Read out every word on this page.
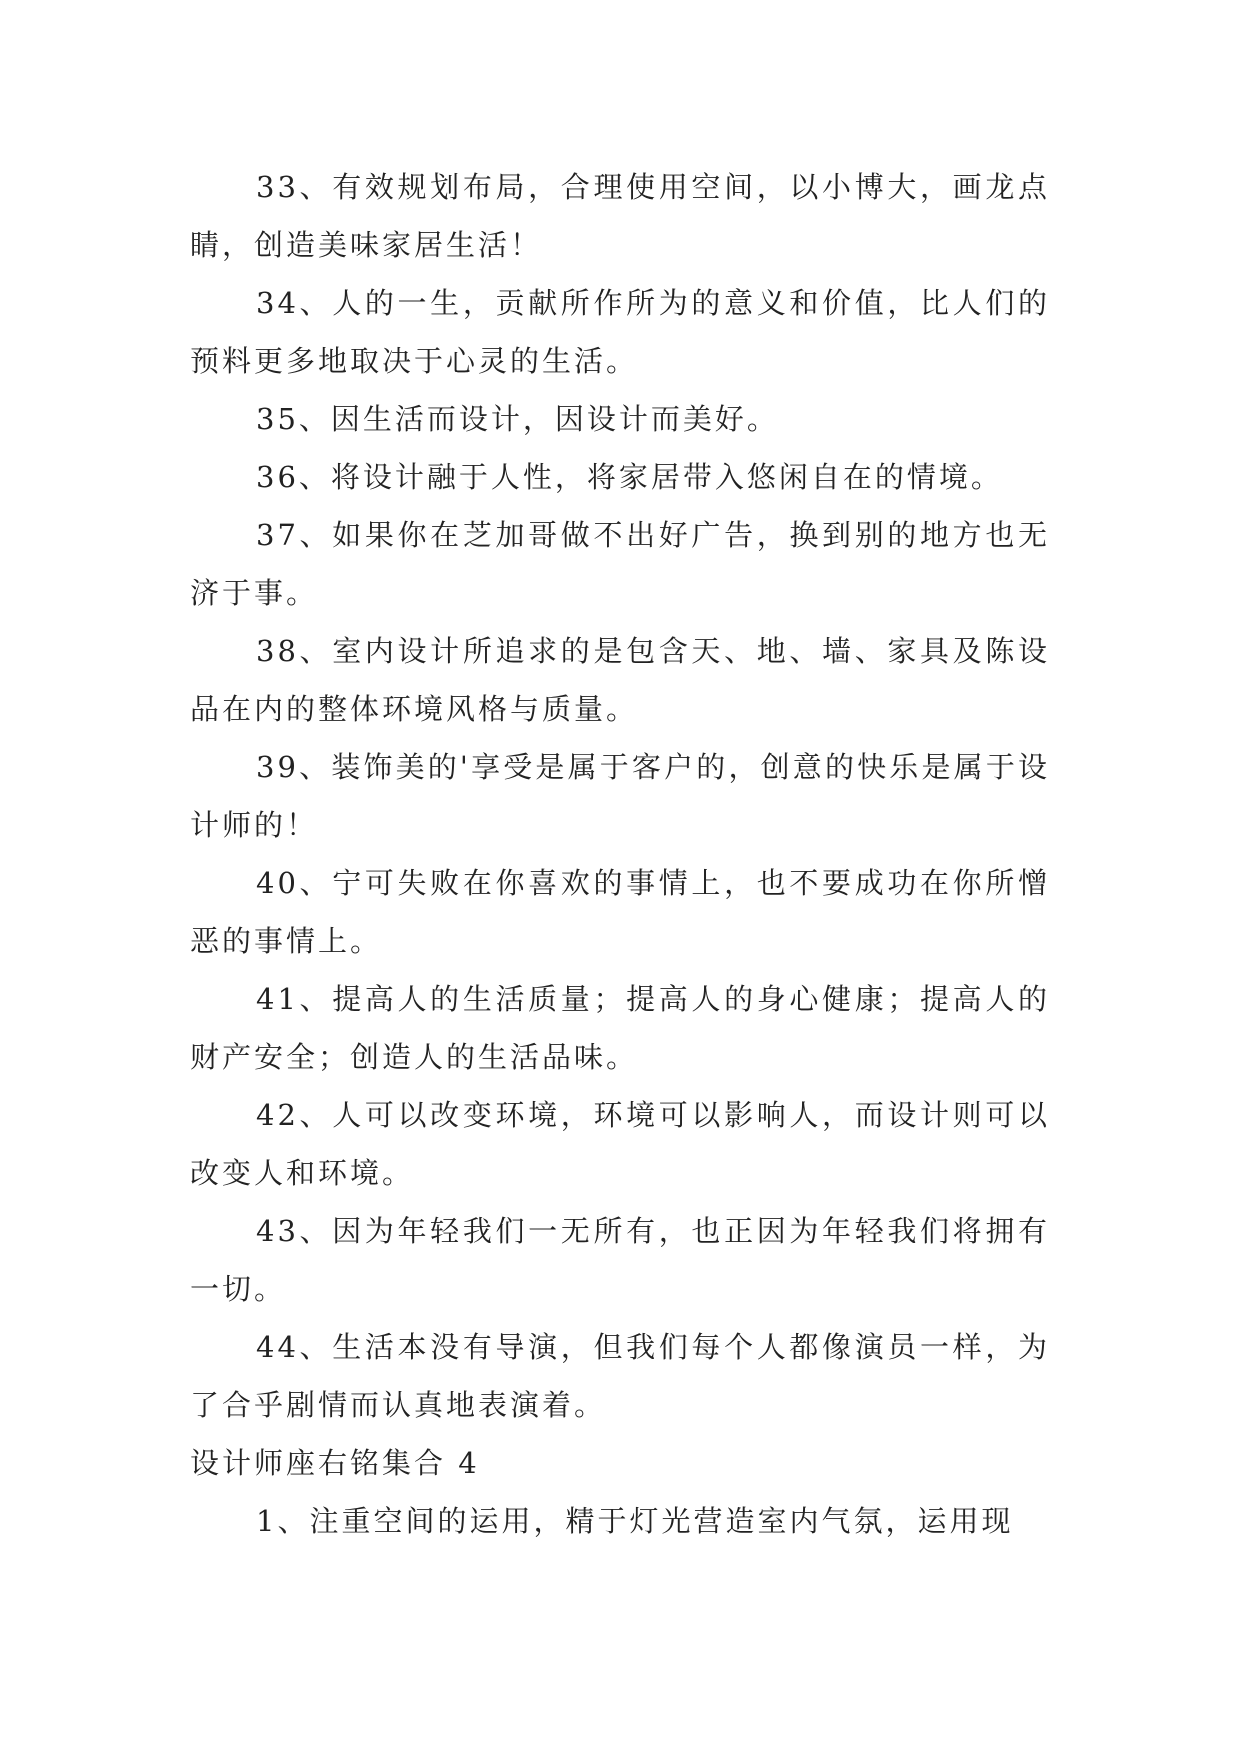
33、有效规划布局，合理使用空间，以小博大，画龙点睛，创造美味家居生活！

34、人的一生，贡献所作所为的意义和价值，比人们的预料更多地取决于心灵的生活。

35、因生活而设计，因设计而美好。

36、将设计融于人性，将家居带入悠闲自在的情境。

37、如果你在芝加哥做不出好广告，换到别的地方也无济于事。

38、室内设计所追求的是包含天、地、墙、家具及陈设品在内的整体环境风格与质量。

39、装饰美的'享受是属于客户的，创意的快乐是属于设计师的！

40、宁可失败在你喜欢的事情上，也不要成功在你所憎恶的事情上。

41、提高人的生活质量；提高人的身心健康；提高人的财产安全；创造人的生活品味。

42、人可以改变环境，环境可以影响人，而设计则可以改变人和环境。

43、因为年轻我们一无所有，也正因为年轻我们将拥有一切。

44、生活本没有导演，但我们每个人都像演员一样，为了合乎剧情而认真地表演着。

设计师座右铭集合 4

1、注重空间的运用，精于灯光营造室内气氛，运用现
